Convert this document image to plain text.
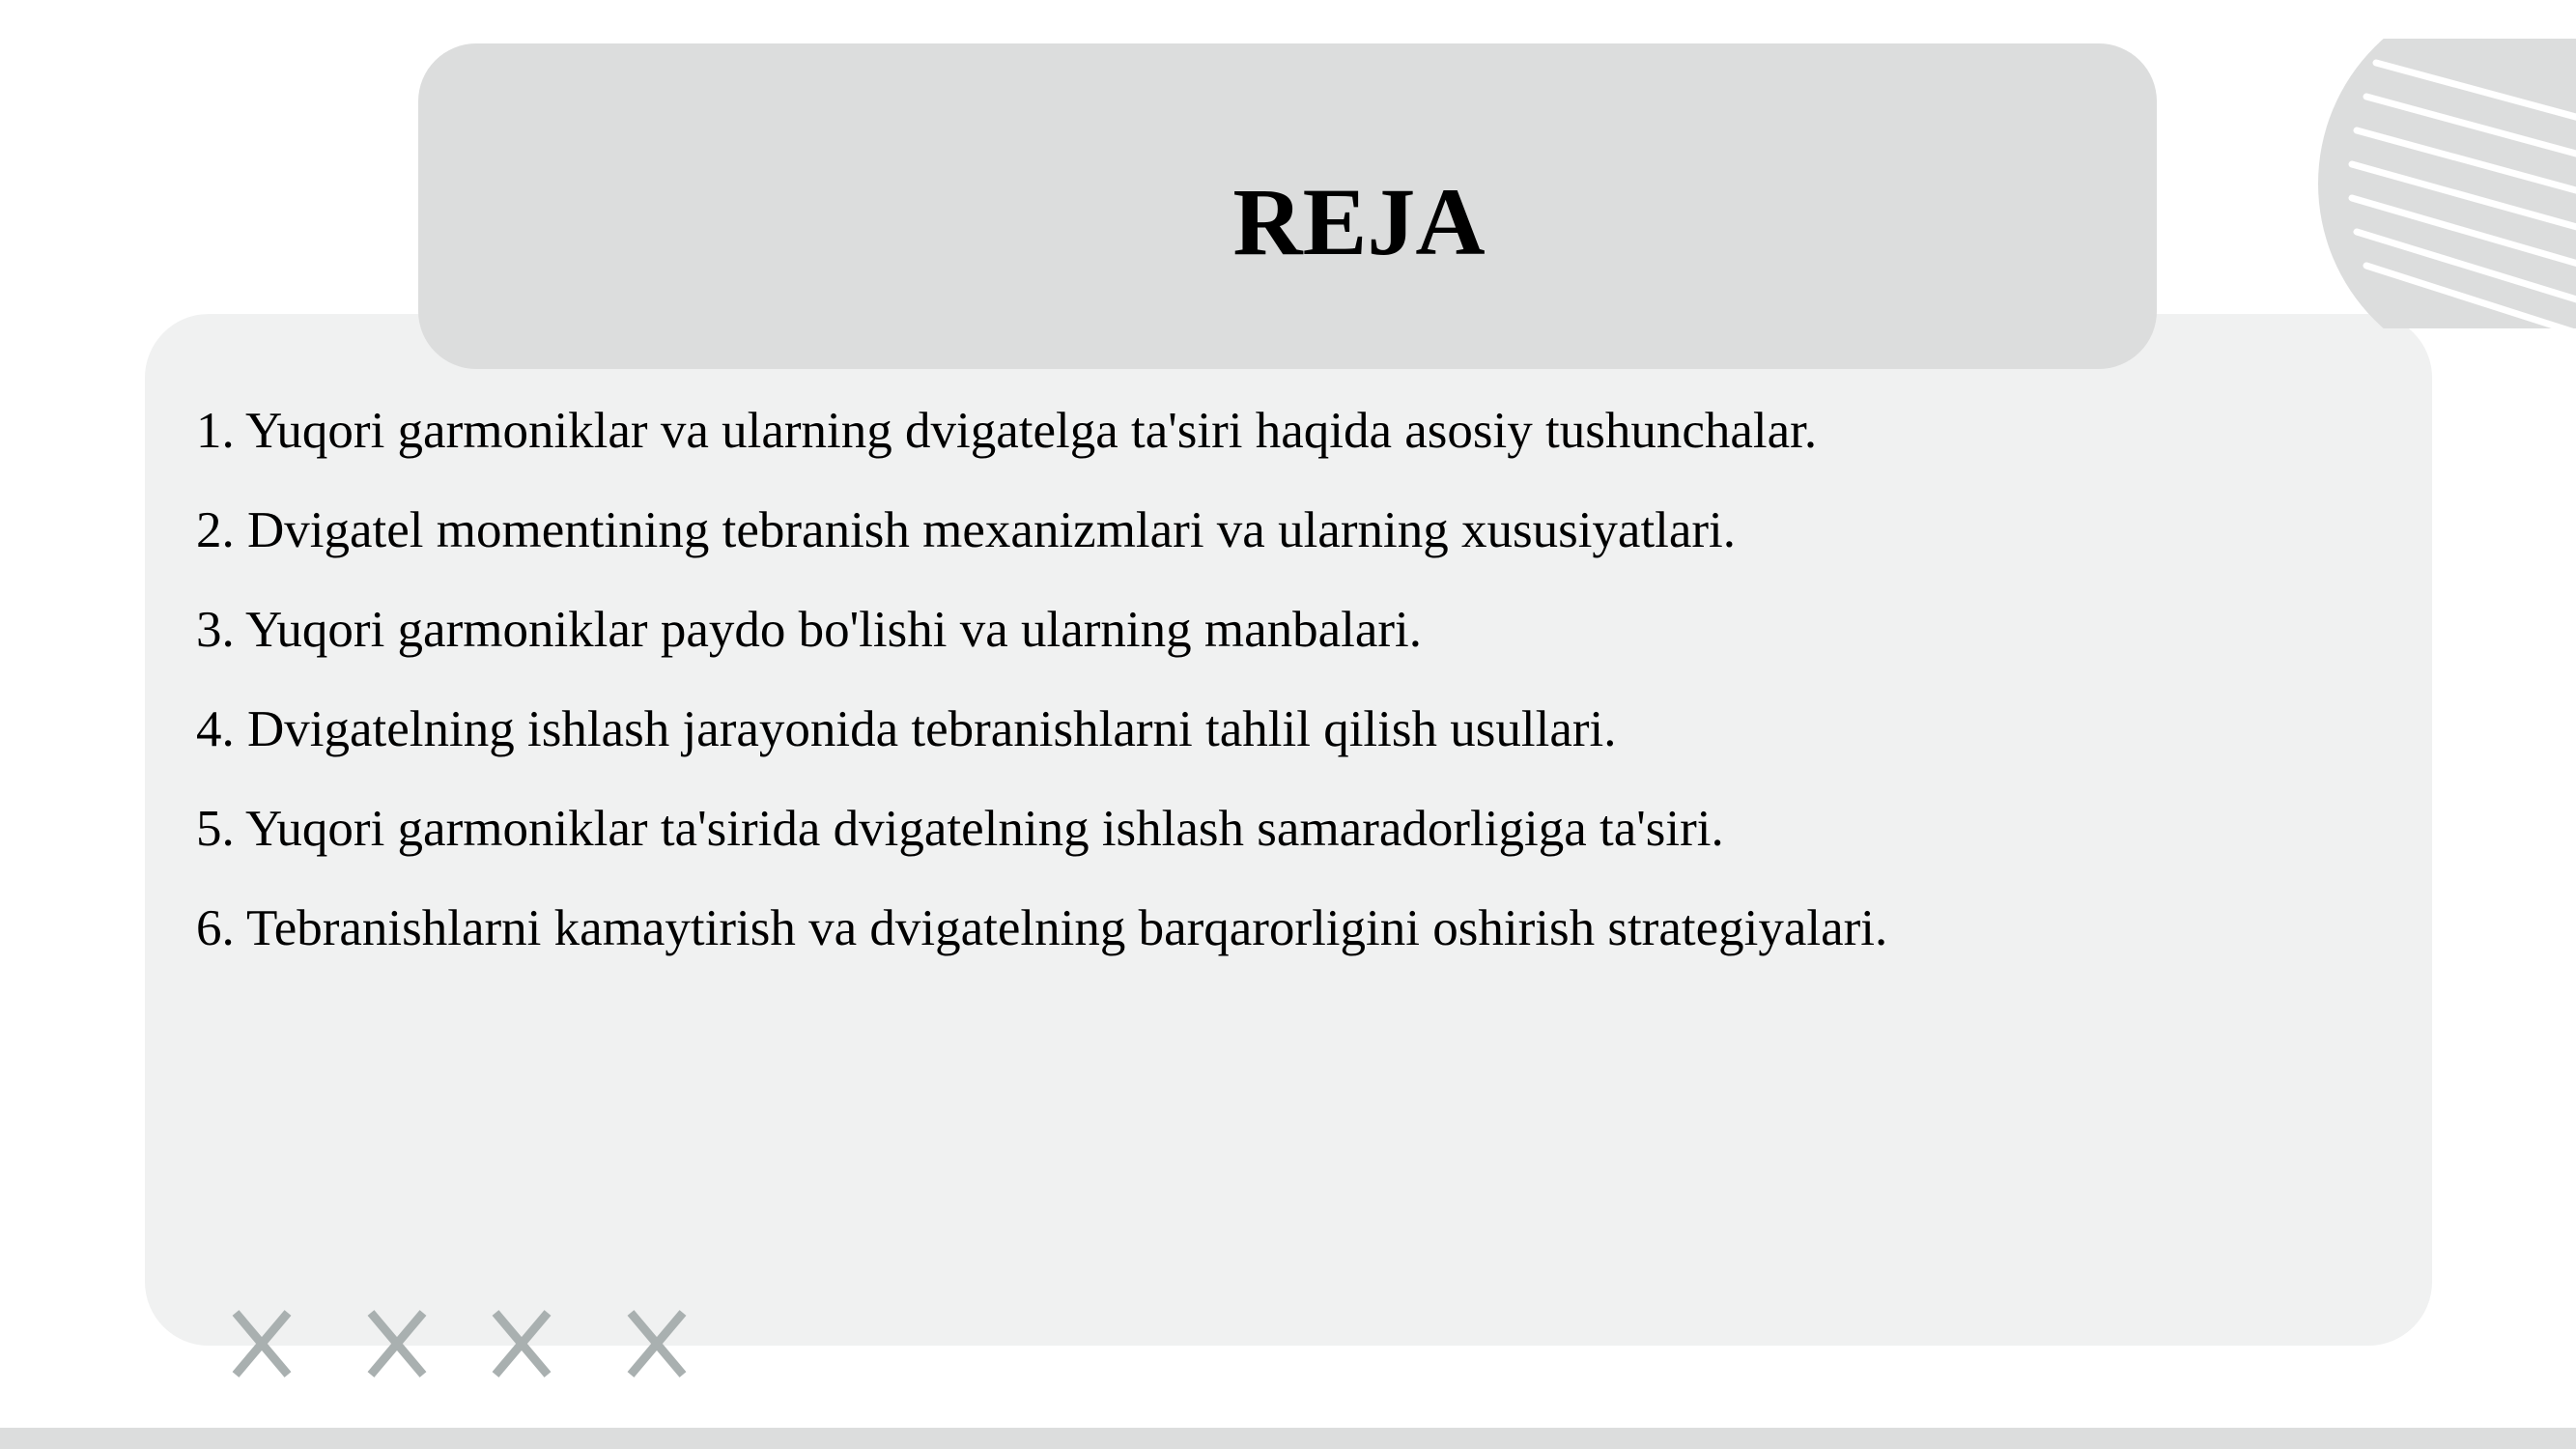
REJA
1. Yuqori garmoniklar va ularning dvigatelga ta'siri haqida asosiy tushunchalar.
2. Dvigatel momentining tebranish mexanizmlari va ularning xususiyatlari.
3. Yuqori garmoniklar paydo bo'lishi va ularning manbalari.
4. Dvigatelning ishlash jarayonida tebranishlarni tahlil qilish usullari.
5. Yuqori garmoniklar ta'sirida dvigatelning ishlash samaradorligiga ta'siri.
6. Tebranishlarni kamaytirish va dvigatelning barqarorligini oshirish strategiyalari.
